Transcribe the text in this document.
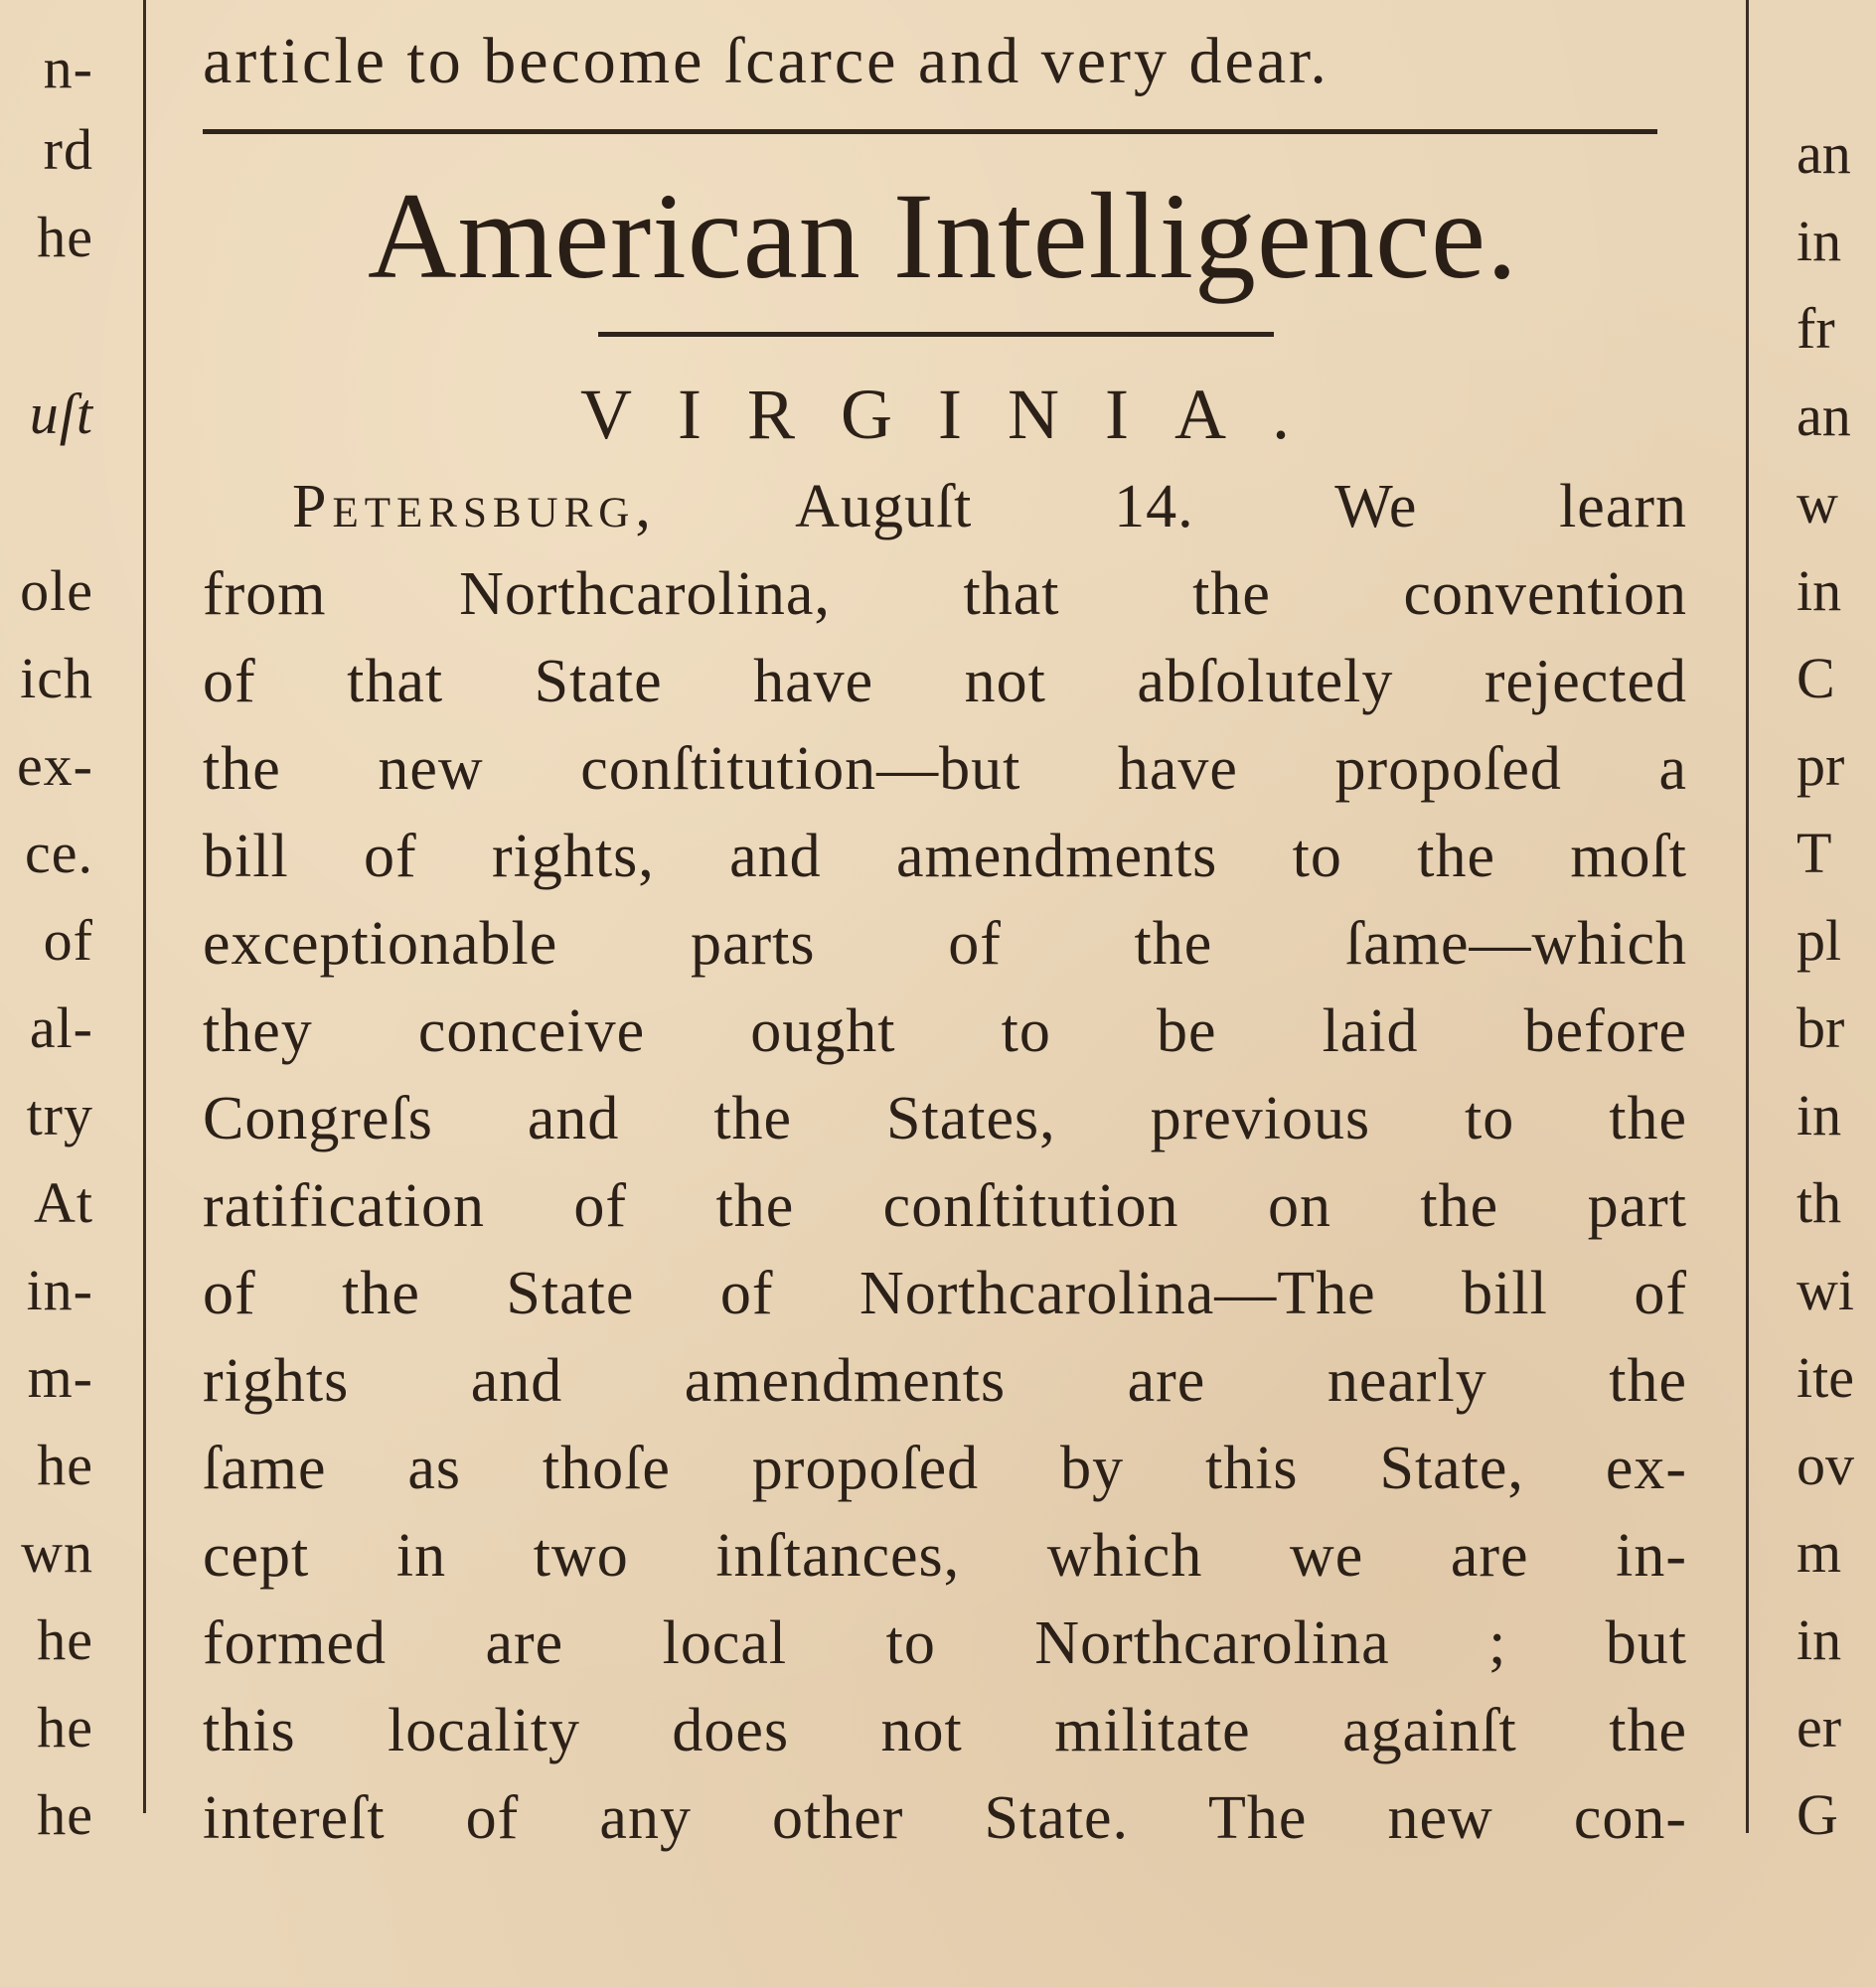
n-
rd
he
uſt
ole
ich
ex-
ce.
of
al-
try
At
in-
m-
he
wn
he
he
he
article to become ſcarce and very dear.
American Intelligence.
VIRGINIA.
Petersburg, Auguſt 14. We learn
from Northcarolina, that the convention
of that State have not abſolutely rejected
the new conſtitution—but have propoſed a
bill of rights, and amendments to the moſt
exceptionable parts of the ſame—which
they conceive ought to be laid before
Congreſs and the States, previous to the
ratification of the conſtitution on the part
of the State of Northcarolina—The bill of
rights and amendments are nearly the
ſame as thoſe propoſed by this State, ex-
cept in two inſtances, which we are in-
formed are local to Northcarolina ; but
this locality does not militate againſt the
intereſt of any other State. The new con-
an
in
fr
an
w
in
C
pr
T
pl
br
in
th
wi
ite
ov
m
in
er
G
